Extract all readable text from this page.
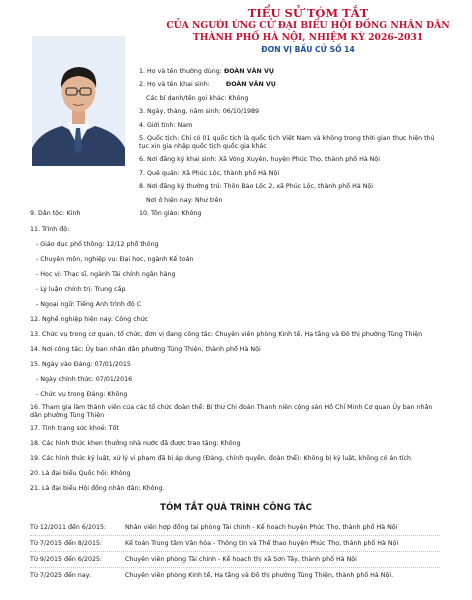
TIỂU SỬ TÓM TẮT
CỦA NGƯỜI ỨNG CỬ ĐẠI BIỂU HỘI ĐỒNG NHÂN DÂN
THÀNH PHỐ HÀ NỘI, NHIỆM KỲ 2026-2031
ĐƠN VỊ BẦU CỬ SỐ 14
1. Họ và tên thường dùng: ĐOÀN VĂN VỤ
2. Họ và tên khai sinh:	ĐOÀN VĂN VỤ
Các bí danh/tên gọi khác: Không
3. Ngày, tháng, năm sinh: 06/10/1989
4. Giới tính: Nam
5. Quốc tịch: Chỉ có 01 quốc tịch là quốc tịch Việt Nam và không trong thời gian thực hiện thủ tục xin gia nhập quốc tịch quốc gia khác
6. Nơi đăng ký khai sinh: Xã Vòng Xuyên, huyện Phúc Thọ, thành phố Hà Nội
7. Quê quán: Xã Phúc Lộc, thành phố Hà Nội
8. Nơi đăng ký thường trú: Thôn Bảo Lộc 2, xã Phúc Lộc, thành phố Hà Nội
Nơi ở hiện nay: Như trên
9. Dân tộc: Kinh	10. Tôn giáo: Không
11. Trình độ:
- Giáo dục phổ thông: 12/12 phổ thông
- Chuyên môn, nghiệp vụ: Đại học, ngành Kế toán
- Học vị: Thạc sĩ, ngành Tài chính ngân hàng
- Lý luận chính trị: Trung cấp
- Ngoại ngữ: Tiếng Anh trình độ C
12. Nghề nghiệp hiện nay: Công chức
13. Chức vụ trong cơ quan, tổ chức, đơn vị đang công tác: Chuyên viên phòng Kinh tế, Hạ tầng và Đô thị phường Tùng Thiện
14. Nơi công tác: Ủy ban nhân dân phường Tùng Thiện, thành phố Hà Nội
15. Ngày vào Đảng: 07/01/2015
- Ngày chính thức: 07/01/2016
- Chức vụ trong Đảng: Không
16. Tham gia làm thành viên của các tổ chức đoàn thể: Bí thư Chi đoàn Thanh niên cộng sản Hồ Chí Minh Cơ quan Ủy ban nhân dân phường Tùng Thiện
17. Tình trạng sức khoẻ: Tốt
18. Các hình thức khen thưởng nhà nước đã được trao tặng: Không
19. Các hình thức kỷ luật, xử lý vi phạm đã bị áp dụng (Đảng, chính quyền, đoàn thể): Không bị kỷ luật, không có án tích
20. Là đại biểu Quốc hội: Không
21. Là đại biểu Hội đồng nhân dân: Không.
TÓM TẮT QUÁ TRÌNH CÔNG TÁC
Từ 12/2011 đến 6/2015:	Nhân viên hợp đồng tại phòng Tài chính - Kế hoạch huyện Phúc Thọ, thành phố Hà Nội
Từ 7/2015 đến 8/2015:	Kế toán Trung tâm Văn hóa - Thông tin và Thể thao huyện Phúc Thọ, thành phố Hà Nội
Từ 9/2015 đến 6/2025:	Chuyên viên phòng Tài chính - Kế hoạch thị xã Sơn Tây, thành phố Hà Nội
Từ 7/2025 đến nay:	Chuyên viên phòng Kinh tế, Hạ tầng và Đô thị phường Tùng Thiện, thành phố Hà Nội.
